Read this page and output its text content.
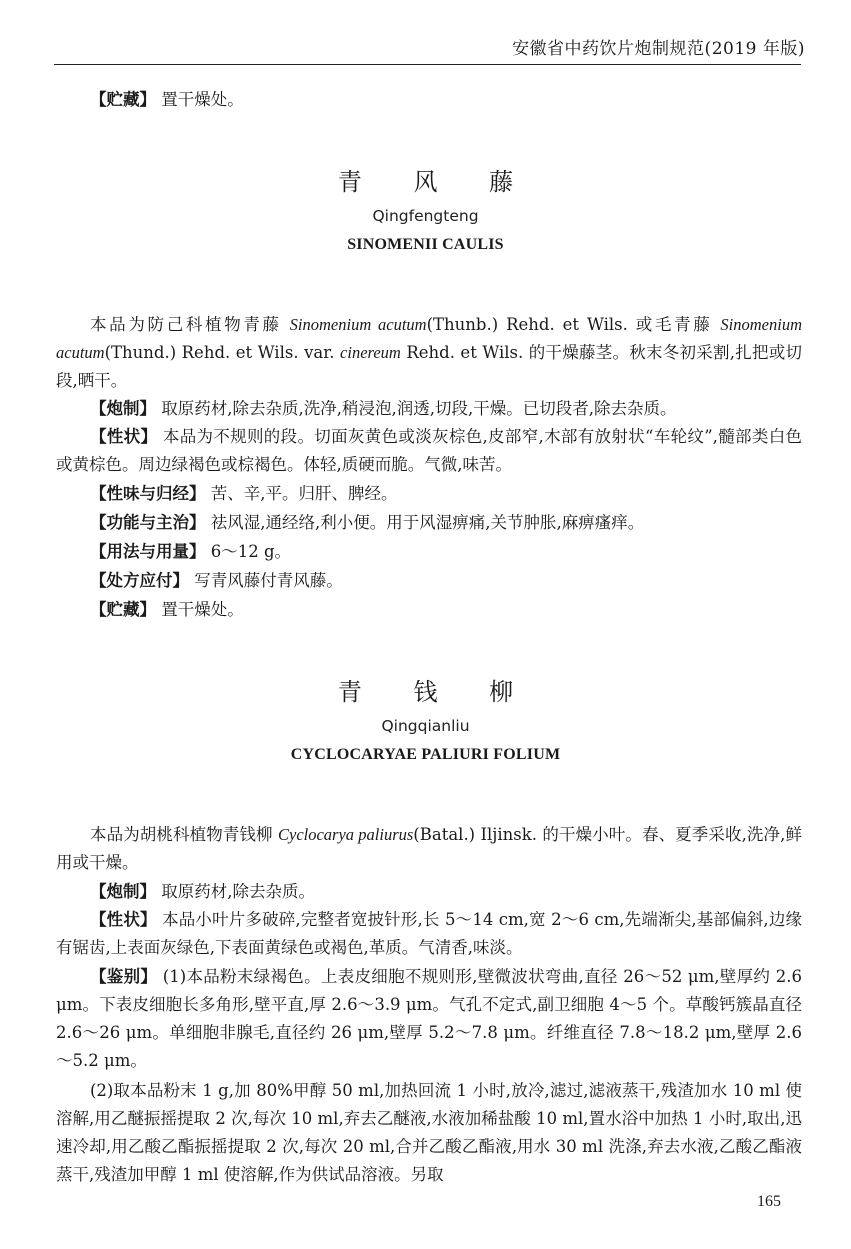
安徽省中药饮片炮制规范(2019 年版)
【贮藏】 置干燥处。
青 风 藤
Qingfengteng
SINOMENII CAULIS
本品为防己科植物青藤 Sinomenium acutum(Thunb.) Rehd. et Wils. 或毛青藤 Sinomenium acutum(Thund.) Rehd. et Wils. var. cinereum Rehd. et Wils. 的干燥藤茎。秋末冬初采割,扎把或切段,晒干。
【炮制】 取原药材,除去杂质,洗净,稍浸泡,润透,切段,干燥。已切段者,除去杂质。
【性状】 本品为不规则的段。切面灰黄色或淡灰棕色,皮部窄,木部有放射状“车轮纹”,髓部类白色或黄棕色。周边绿褐色或棕褐色。体轻,质硬而脆。气微,味苦。
【性味与归经】 苦、辛,平。归肝、脾经。
【功能与主治】 祛风湿,通经络,利小便。用于风湿痹痛,关节肿胀,麻痹瘙痒。
【用法与用量】 6～12 g。
【处方应付】 写青风藤付青风藤。
【贮藏】 置干燥处。
青 钱 柳
Qingqianliu
CYCLOCARYAE PALIURI FOLIUM
本品为胡桃科植物青钱柳 Cyclocarya paliurus(Batal.) Iljinsk. 的干燥小叶。春、夏季采收,洗净,鲜用或干燥。
【炮制】 取原药材,除去杂质。
【性状】 本品小叶片多破碎,完整者宽披针形,长 5～14 cm,宽 2～6 cm,先端渐尖,基部偏斜,边缘有锯齿,上表面灰绿色,下表面黄绿色或褐色,革质。气清香,味淡。
【鉴别】 (1)本品粉末绿褐色。上表皮细胞不规则形,壁微波状弯曲,直径 26～52 μm,壁厚约 2.6 μm。下表皮细胞长多角形,壁平直,厚 2.6～3.9 μm。气孔不定式,副卫细胞 4～5 个。草酸钙簇晶直径 2.6～26 μm。单细胞非腺毛,直径约 26 μm,壁厚 5.2～7.8 μm。纤维直径 7.8～18.2 μm,壁厚 2.6～5.2 μm。
(2)取本品粉末 1 g,加 80%甲醇 50 ml,加热回流 1 小时,放冷,滤过,滤液蒸干,残渣加水 10 ml 使溶解,用乙醚振摇提取 2 次,每次 10 ml,弃去乙醚液,水液加稀盐酸 10 ml,置水浴中加热 1 小时,取出,迅速冷却,用乙酸乙酯振摇提取 2 次,每次 20 ml,合并乙酸乙酯液,用水 30 ml 洗涤,弃去水液,乙酸乙酯液蒸干,残渣加甲醇 1 ml 使溶解,作为供试品溶液。另取
165
